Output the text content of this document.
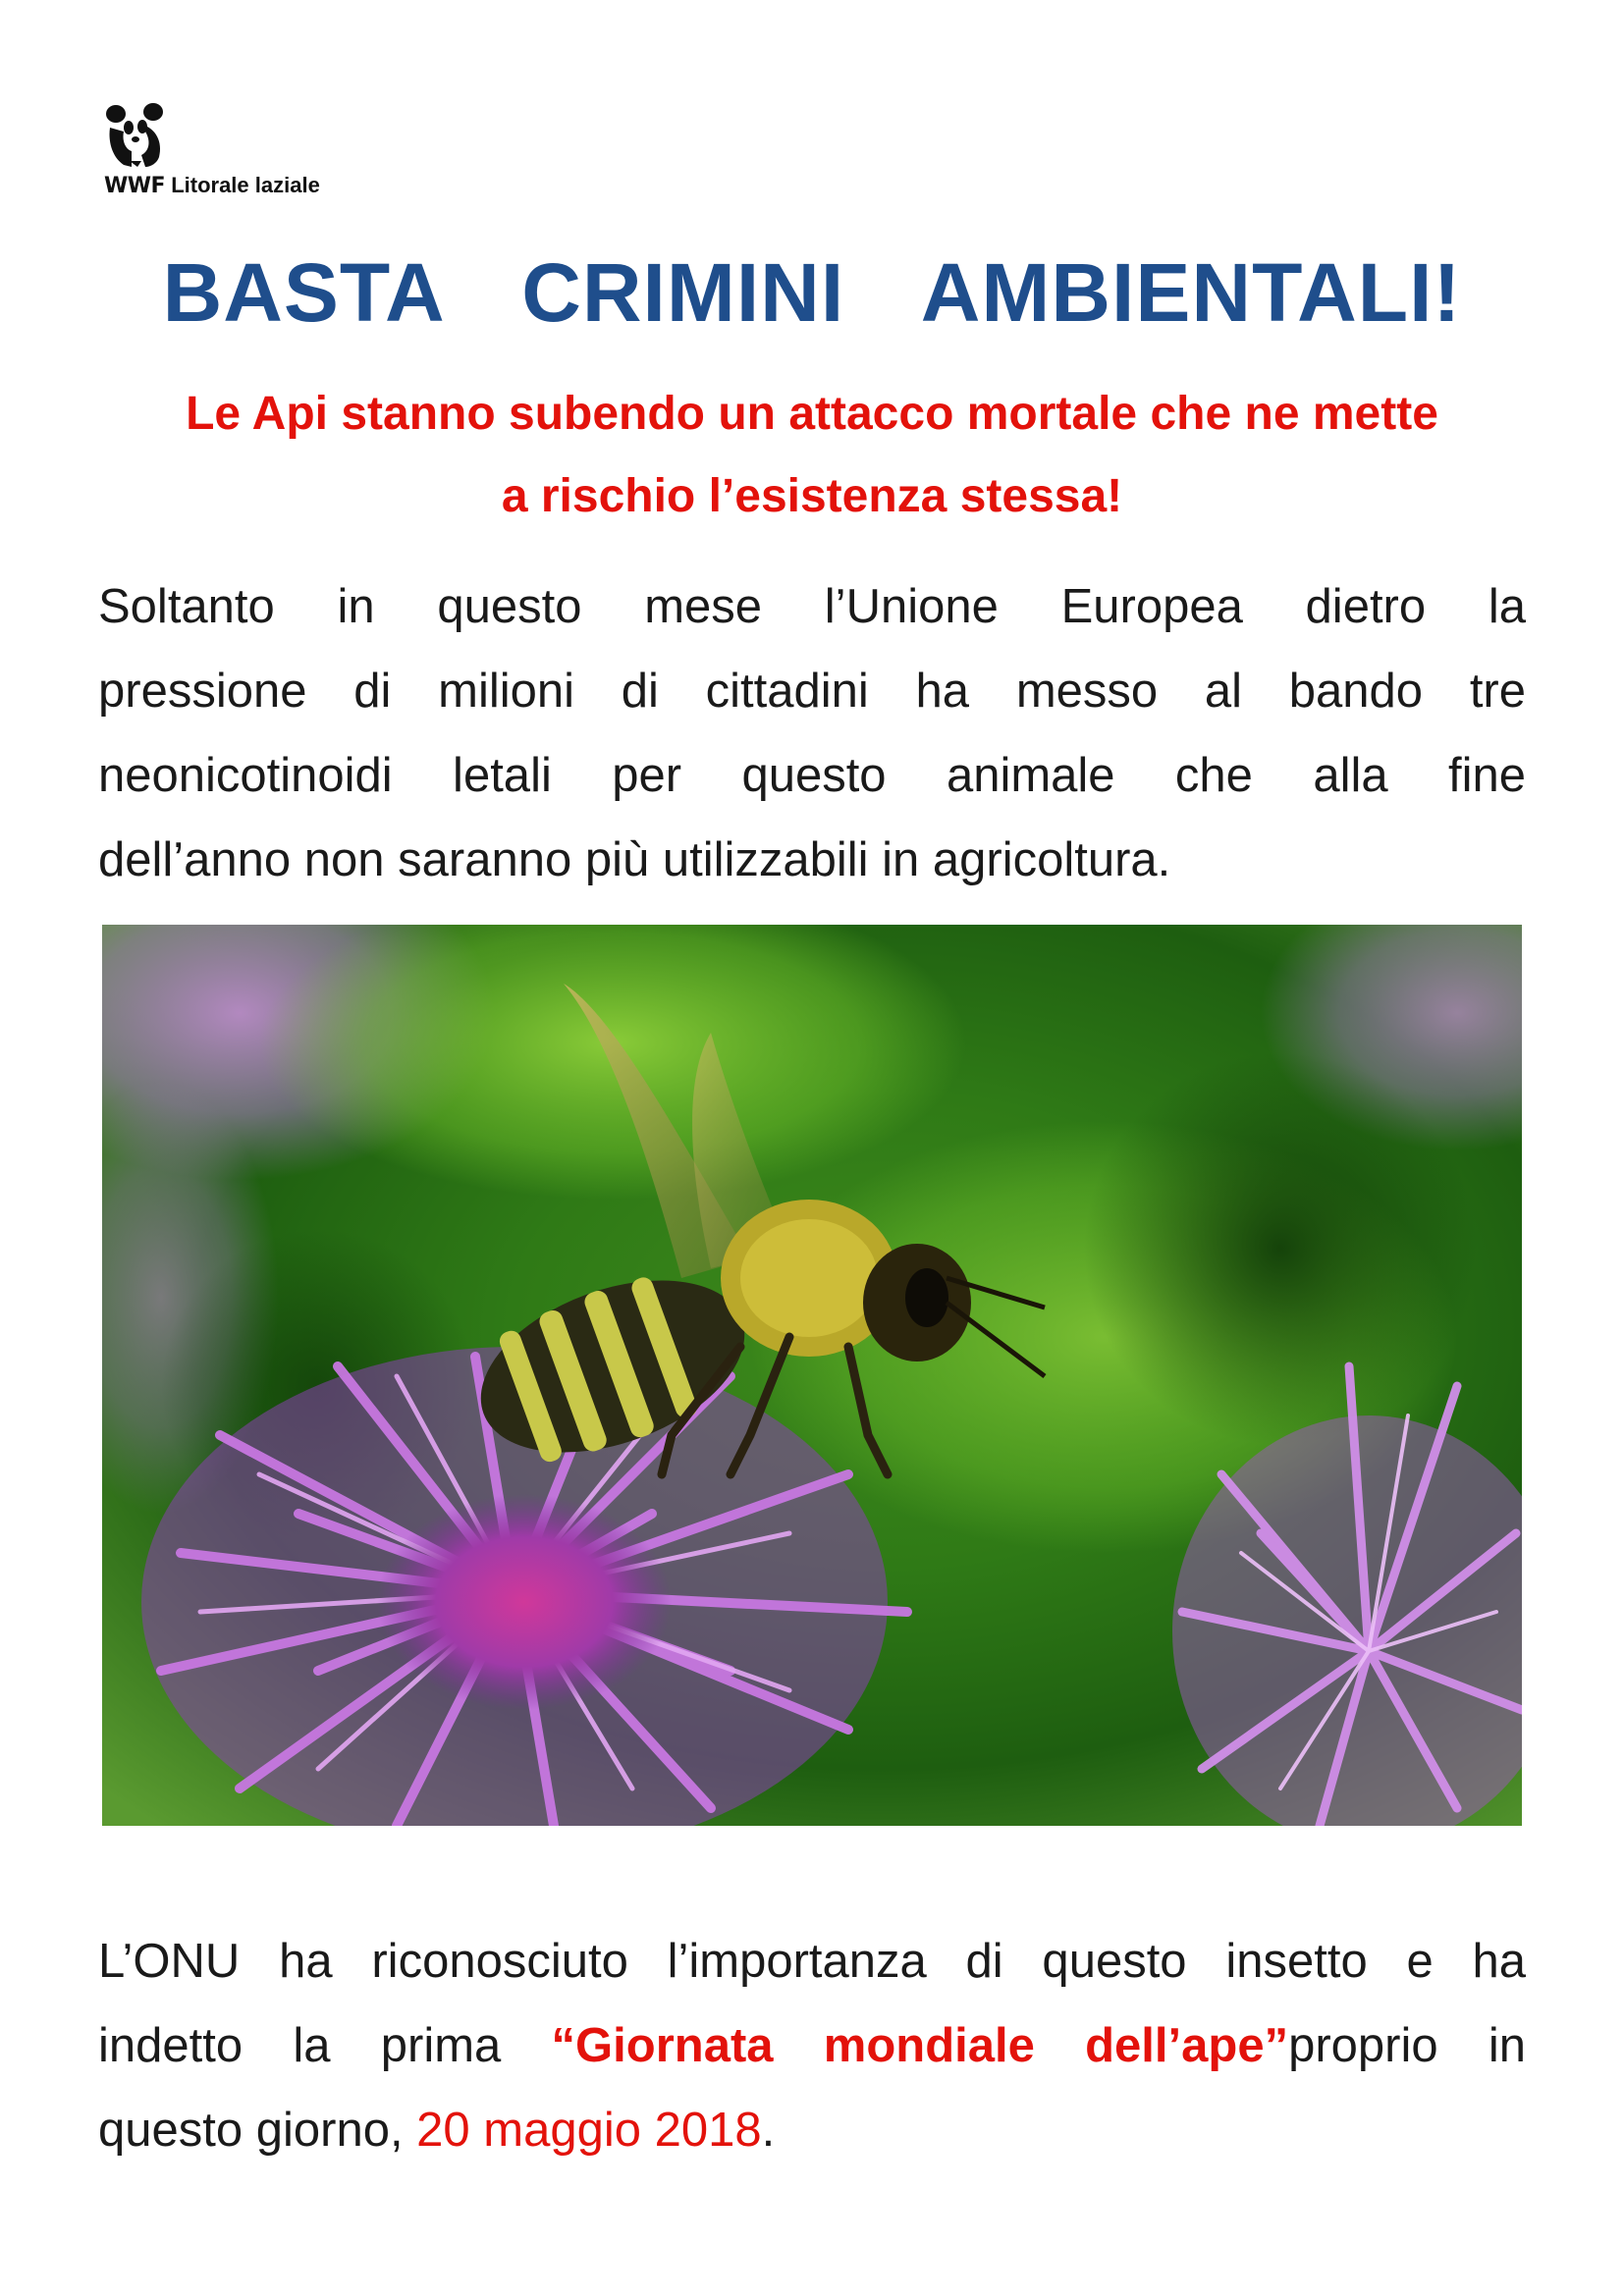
WWF Litorale laziale
BASTA  CRIMINI  AMBIENTALI!
Le Api stanno subendo un attacco mortale che ne mette
a rischio l’esistenza stessa!
Soltanto in questo mese l’Unione Europea dietro la
pressione di milioni di cittadini ha messo al bando tre
neonicotinoidi letali per questo animale che alla fine
dell’anno non saranno più utilizzabili in agricoltura.
L’ONU ha riconosciuto l’importanza di questo insetto e ha
indetto la prima “Giornata mondiale dell’ape”proprio in
questo giorno, 20 maggio 2018.
